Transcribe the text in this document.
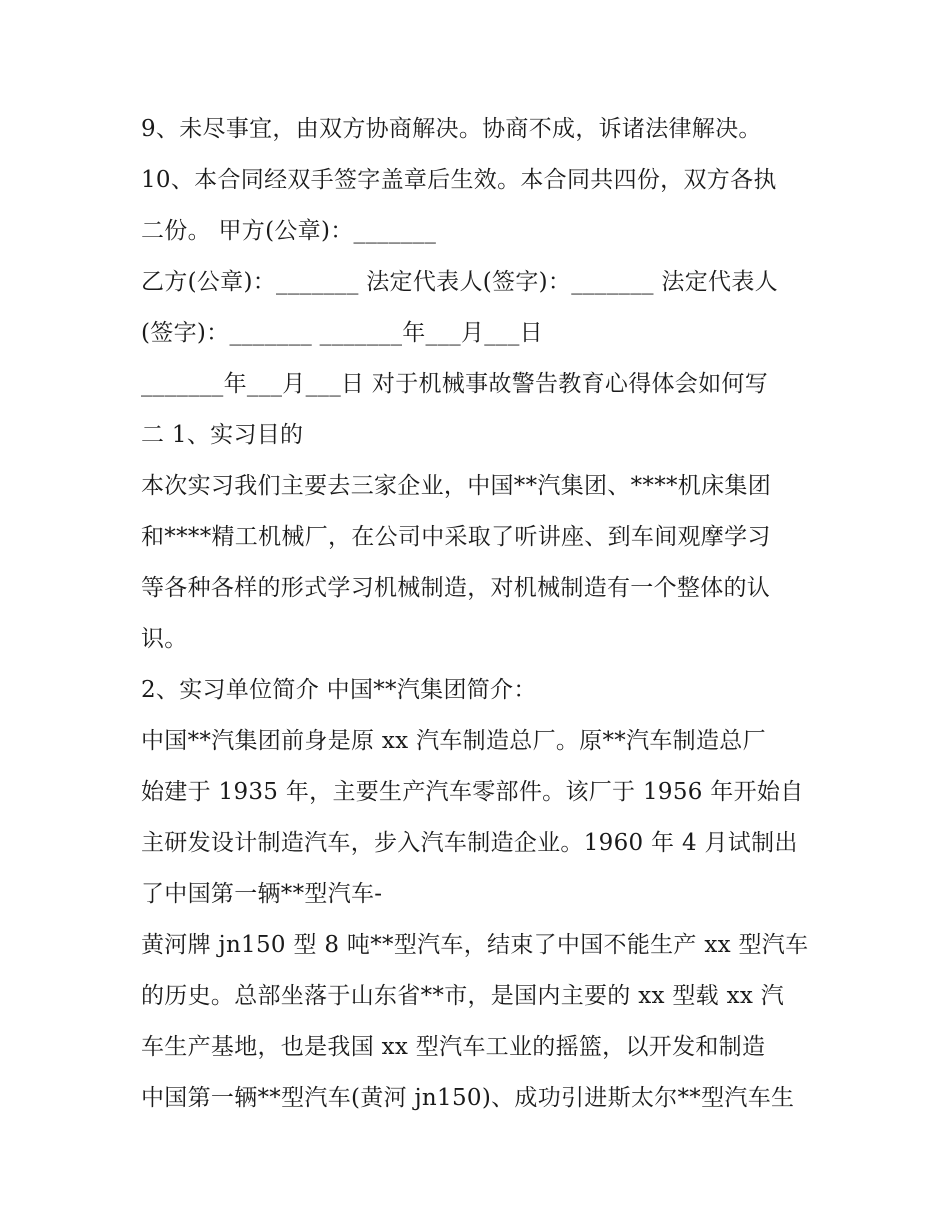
9、未尽事宜，由双方协商解决。协商不成，诉诸法律解决。
10、本合同经双手签字盖章后生效。本合同共四份，双方各执
二份。 甲方(公章)：_______
乙方(公章)：_______ 法定代表人(签字)：_______ 法定代表人
(签字)：_______ _______年___月___日
_______年___月___日 对于机械事故警告教育心得体会如何写
二 1、实习目的
本次实习我们主要去三家企业，中国**汽集团、****机床集团
和****精工机械厂，在公司中采取了听讲座、到车间观摩学习
等各种各样的形式学习机械制造，对机械制造有一个整体的认
识。
2、实习单位简介 中国**汽集团简介：
中国**汽集团前身是原 xx 汽车制造总厂。原**汽车制造总厂
始建于 1935 年，主要生产汽车零部件。该厂于 1956 年开始自
主研发设计制造汽车，步入汽车制造企业。1960 年 4 月试制出
了中国第一辆**型汽车-
黄河牌 jn150 型 8 吨**型汽车，结束了中国不能生产 xx 型汽车
的历史。总部坐落于山东省**市，是国内主要的 xx 型载 xx 汽
车生产基地，也是我国 xx 型汽车工业的摇篮，以开发和制造
中国第一辆**型汽车(黄河 jn150)、成功引进斯太尔**型汽车生
